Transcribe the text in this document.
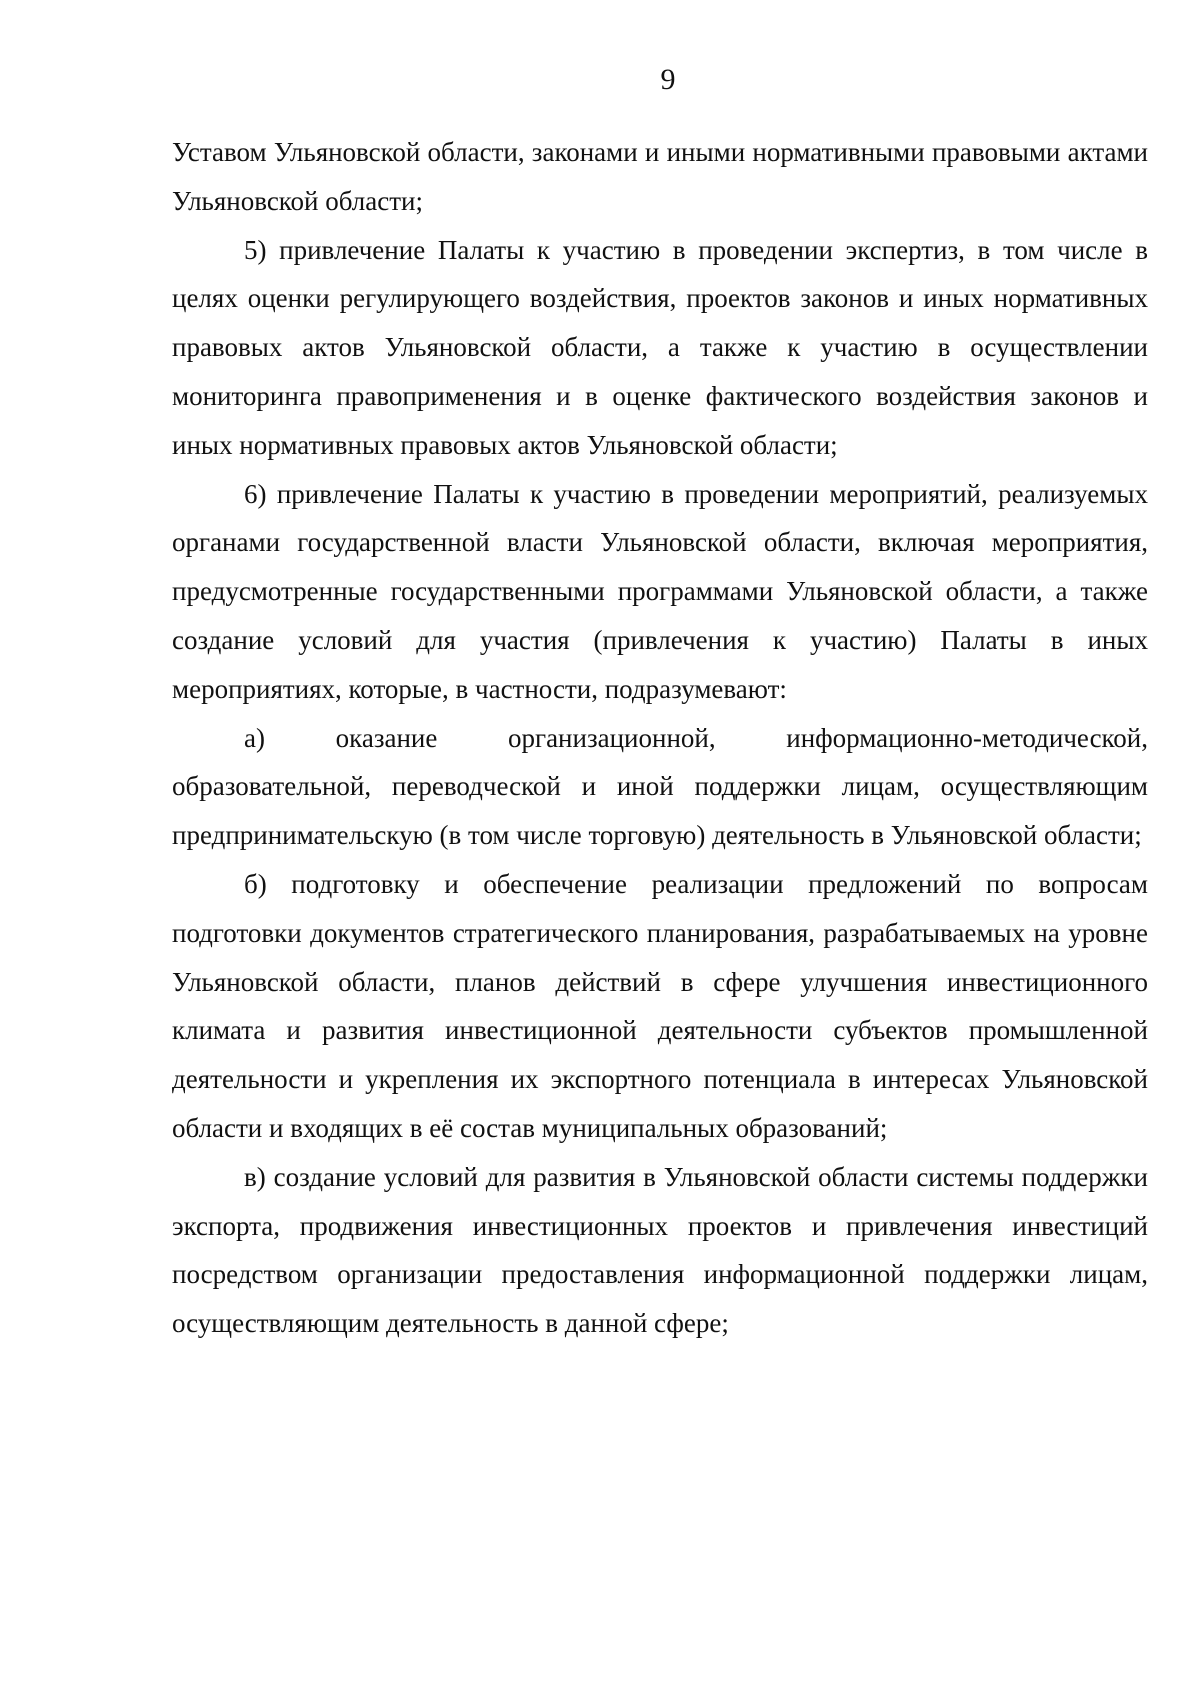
9

Уставом Ульяновской области, законами и иными нормативными правовыми актами Ульяновской области;

5) привлечение Палаты к участию в проведении экспертиз, в том числе в целях оценки регулирующего воздействия, проектов законов и иных нормативных правовых актов Ульяновской области, а также к участию в осуществлении мониторинга правоприменения и в оценке фактического воздействия законов и иных нормативных правовых актов Ульяновской области;

6) привлечение Палаты к участию в проведении мероприятий, реализуемых органами государственной власти Ульяновской области, включая мероприятия, предусмотренные государственными программами Ульяновской области, а также создание условий для участия (привлечения к участию) Палаты в иных мероприятиях, которые, в частности, подразумевают:

а) оказание организационной, информационно-методической, образовательной, переводческой и иной поддержки лицам, осуществляющим предпринимательскую (в том числе торговую) деятельность в Ульяновской области;

б) подготовку и обеспечение реализации предложений по вопросам подготовки документов стратегического планирования, разрабатываемых на уровне Ульяновской области, планов действий в сфере улучшения инвестиционного климата и развития инвестиционной деятельности субъектов промышленной деятельности и укрепления их экспортного потенциала в интересах Ульяновской области и входящих в её состав муниципальных образований;

в) создание условий для развития в Ульяновской области системы поддержки экспорта, продвижения инвестиционных проектов и привлечения инвестиций посредством организации предоставления информационной поддержки лицам, осуществляющим деятельность в данной сфере;
